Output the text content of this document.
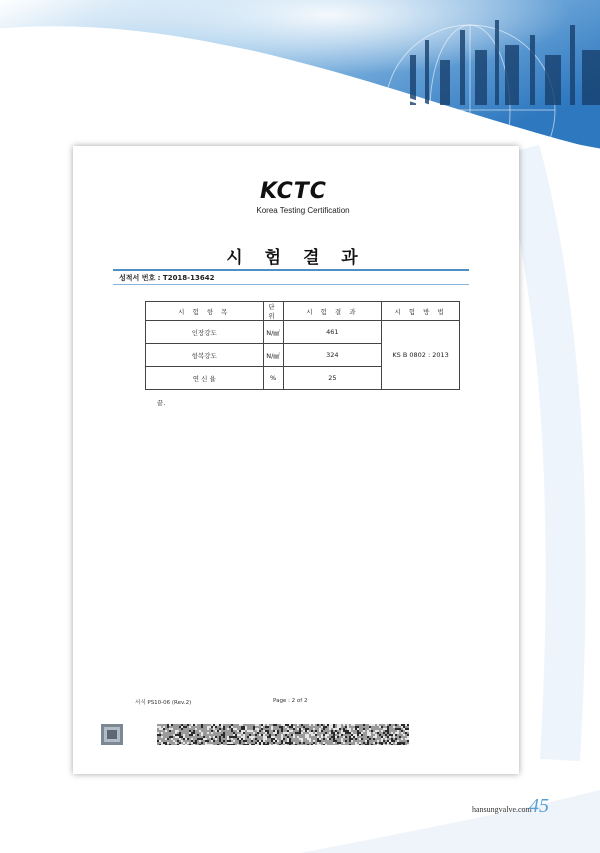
KCTC
Korea Testing Certification
시 험 결 과
성적서 번호 : T2018-13642
시 험 항 목	단 위	시 험 결 과	시 험 방 법
인장강도	N/㎟	461	KS B 0802 : 2013
항복강도	N/㎟	324	
연 신 율	%	25	
끝.
서식 PS10-06 (Rev.2)	Page : 2 of 2
hansungvalve.com
45
